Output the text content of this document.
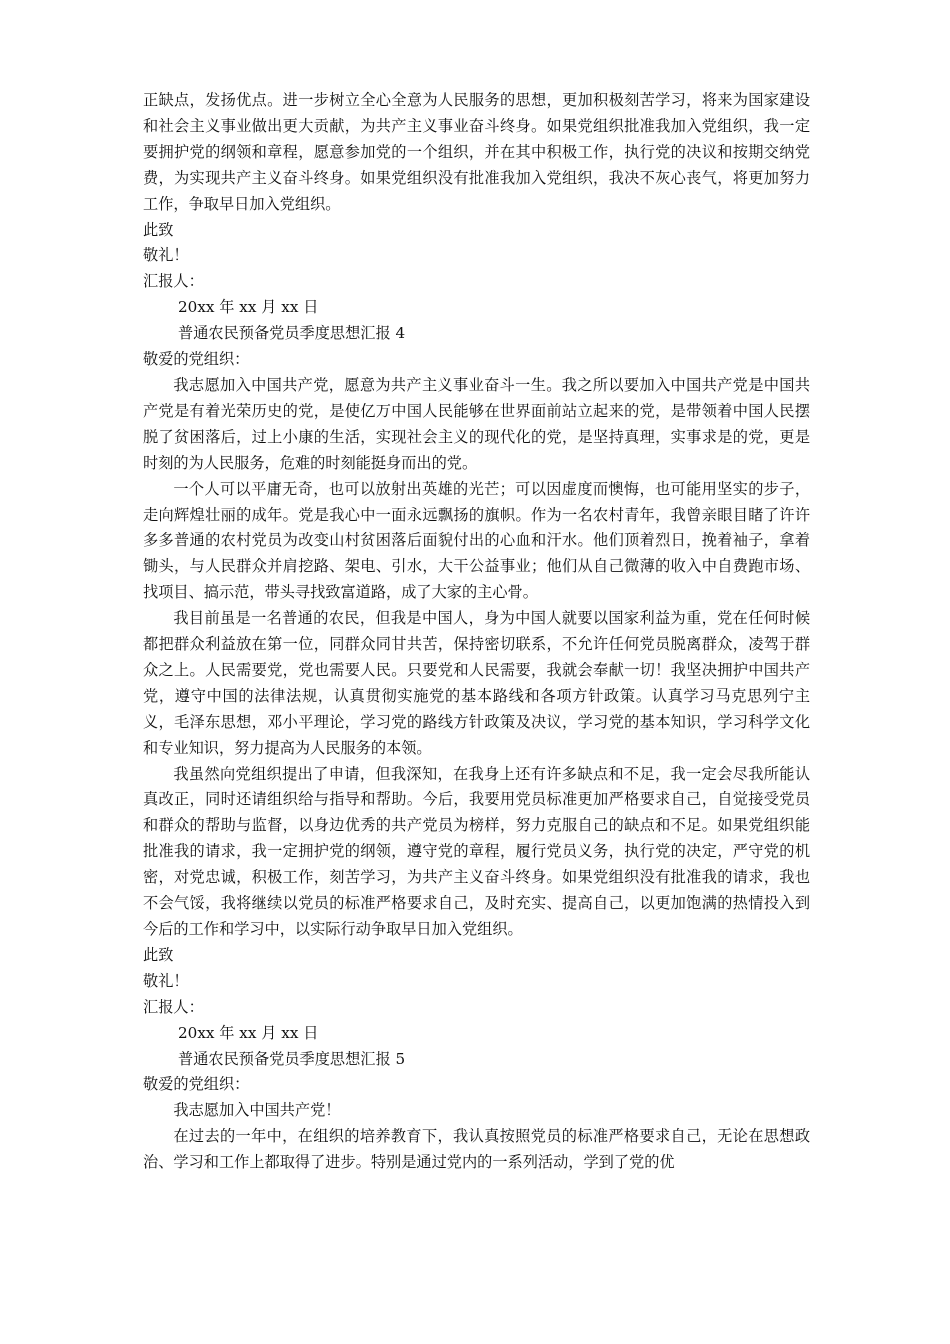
正缺点，发扬优点。进一步树立全心全意为人民服务的思想，更加积极刻苦学习，将来为国家建设和社会主义事业做出更大贡献，为共产主义事业奋斗终身。如果党组织批准我加入党组织，我一定要拥护党的纲领和章程，愿意参加党的一个组织，并在其中积极工作，执行党的决议和按期交纳党费，为实现共产主义奋斗终身。如果党组织没有批准我加入党组织，我决不灰心丧气，将更加努力工作，争取早日加入党组织。

此致

敬礼！

汇报人：

20xx 年 xx 月 xx 日

普通农民预备党员季度思想汇报 4

敬爱的党组织：

我志愿加入中国共产党，愿意为共产主义事业奋斗一生。我之所以要加入中国共产党是中国共产党是有着光荣历史的党，是使亿万中国人民能够在世界面前站立起来的党，是带领着中国人民摆脱了贫困落后，过上小康的生活，实现社会主义的现代化的党，是坚持真理，实事求是的党，更是时刻的为人民服务，危难的时刻能挺身而出的党。

一个人可以平庸无奇，也可以放射出英雄的光芒；可以因虚度而懊悔，也可能用坚实的步子，走向辉煌壮丽的成年。党是我心中一面永远飘扬的旗帜。作为一名农村青年，我曾亲眼目睹了许许多多普通的农村党员为改变山村贫困落后面貌付出的心血和汗水。他们顶着烈日，挽着袖子，拿着锄头，与人民群众并肩挖路、架电、引水，大干公益事业；他们从自己微薄的收入中自费跑市场、找项目、搞示范，带头寻找致富道路，成了大家的主心骨。

我目前虽是一名普通的农民，但我是中国人，身为中国人就要以国家利益为重，党在任何时候都把群众利益放在第一位，同群众同甘共苦，保持密切联系，不允许任何党员脱离群众，凌驾于群众之上。人民需要党，党也需要人民。只要党和人民需要，我就会奉献一切！我坚决拥护中国共产党，遵守中国的法律法规，认真贯彻实施党的基本路线和各项方针政策。认真学习马克思列宁主义，毛泽东思想，邓小平理论，学习党的路线方针政策及决议，学习党的基本知识，学习科学文化和专业知识，努力提高为人民服务的本领。

我虽然向党组织提出了申请，但我深知，在我身上还有许多缺点和不足，我一定会尽我所能认真改正，同时还请组织给与指导和帮助。今后，我要用党员标准更加严格要求自己，自觉接受党员和群众的帮助与监督，以身边优秀的共产党员为榜样，努力克服自己的缺点和不足。如果党组织能批准我的请求，我一定拥护党的纲领，遵守党的章程，履行党员义务，执行党的决定，严守党的机密，对党忠诚，积极工作，刻苦学习，为共产主义奋斗终身。如果党组织没有批准我的请求，我也不会气馁，我将继续以党员的标准严格要求自己，及时充实、提高自己，以更加饱满的热情投入到今后的工作和学习中，以实际行动争取早日加入党组织。

此致

敬礼！

汇报人：

20xx 年 xx 月 xx 日

普通农民预备党员季度思想汇报 5

敬爱的党组织：

我志愿加入中国共产党！

在过去的一年中，在组织的培养教育下，我认真按照党员的标准严格要求自己，无论在思想政治、学习和工作上都取得了进步。特别是通过党内的一系列活动，学到了党的优
